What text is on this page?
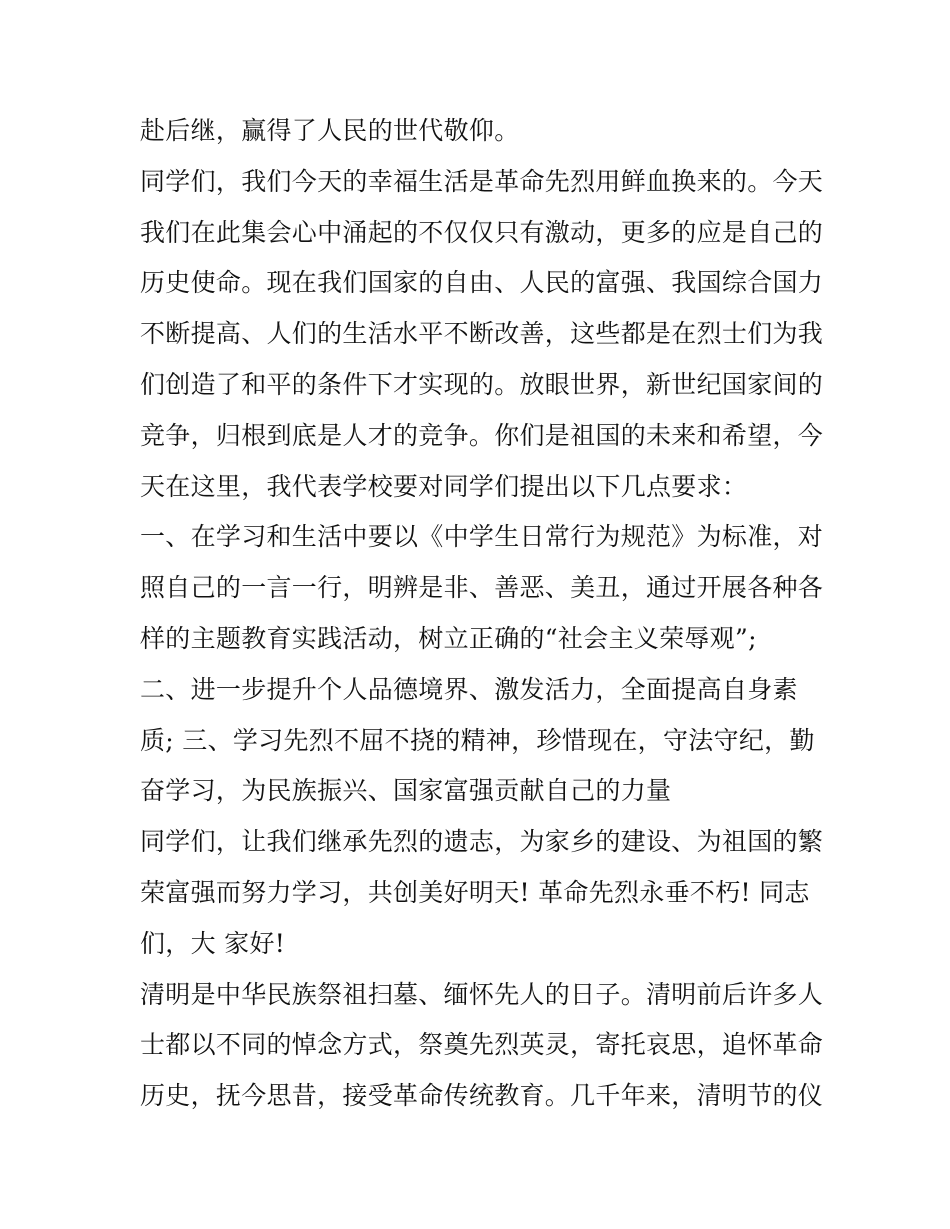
赴后继，赢得了人民的世代敬仰。
同学们，我们今天的幸福生活是革命先烈用鲜血换来的。今天
我们在此集会心中涌起的不仅仅只有激动，更多的应是自己的
历史使命。现在我们国家的自由、人民的富强、我国综合国力
不断提高、人们的生活水平不断改善，这些都是在烈士们为我
们创造了和平的条件下才实现的。放眼世界，新世纪国家间的
竞争，归根到底是人才的竞争。你们是祖国的未来和希望，今
天在这里，我代表学校要对同学们提出以下几点要求：
一、在学习和生活中要以《中学生日常行为规范》为标准，对
照自己的一言一行，明辨是非、善恶、美丑，通过开展各种各
样的主题教育实践活动，树立正确的“社会主义荣辱观”;
二、进一步提升个人品德境界、激发活力，全面提高自身素
质; 三、学习先烈不屈不挠的精神，珍惜现在，守法守纪，勤
奋学习，为民族振兴、国家富强贡献自己的力量
同学们，让我们继承先烈的遗志，为家乡的建设、为祖国的繁
荣富强而努力学习，共创美好明天! 革命先烈永垂不朽! 同志
们，大 家好!
清明是中华民族祭祖扫墓、缅怀先人的日子。清明前后许多人
士都以不同的悼念方式，祭奠先烈英灵，寄托哀思，追怀革命
历史，抚今思昔，接受革命传统教育。几千年来，清明节的仪
